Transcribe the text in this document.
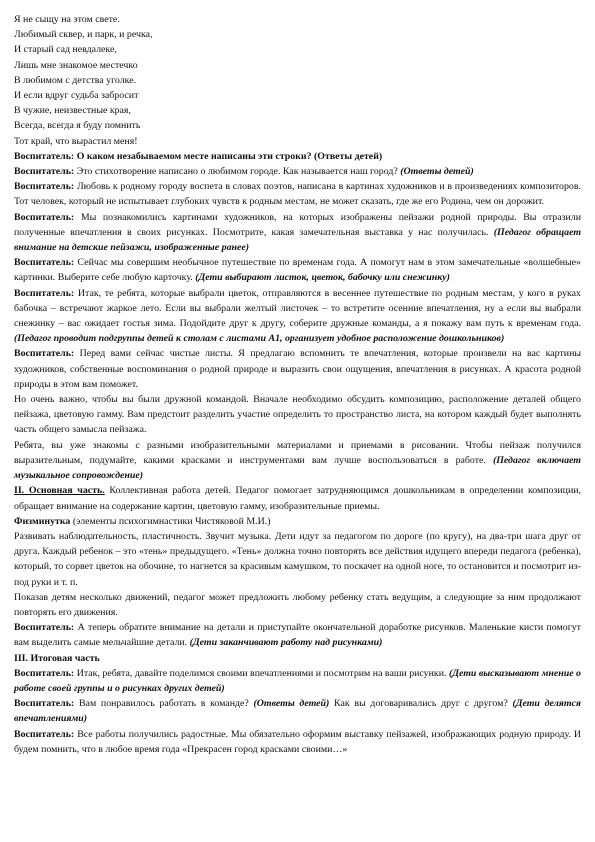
Я не сыщу на этом свете.

Любимый сквер, и парк, и речка,

И старый сад невдалеке,

Лишь мне знакомое местечко

В любимом с детства уголке.

И если вдруг судьба забросит

В чужие, неизвестные края,

Всегда, всегда я буду помнить

Тот край, что вырастил меня!

Воспитатель: О каком незабываемом месте написаны эти строки? (Ответы детей)

Воспитатель: Это стихотворение написано о любимом городе. Как называется наш город? (Ответы детей)

Воспитатель: Любовь к родному городу воспета в словах поэтов, написана в картинах художников и в произведениях композиторов. Тот человек, который не испытывает глубоких чувств к родным местам, не может сказать, где же его Родина, чем он дорожит.

Воспитатель: Мы познакомились картинами художников, на которых изображены пейзажи родной природы. Вы отразили полученные впечатления в своих рисунках. Посмотрите, какая замечательная выставка у нас получилась. (Педагог обращает внимание на детские пейзажи, изображенные ранее)

Воспитатель: Сейчас мы совершим необычное путешествие по временам года. А помогут нам в этом замечательные «волшебные» картинки. Выберите себе любую карточку. (Дети выбирают листок, цветок, бабочку или снежинку)

Воспитатель: Итак, те ребята, которые выбрали цветок, отправляются в весеннее путешествие по родным местам, у кого в руках бабочка – встречают жаркое лето. Если вы выбрали желтый листочек – то встретите осенние впечатления, ну а если вы выбрали снежинку – вас ожидает гостья зима. Подойдите друг к другу, соберите дружные команды, а я покажу вам путь к временам года. (Педагог проводит подгруппы детей к столам с листами А1, организует удобное расположение дошкольников)

Воспитатель: Перед вами сейчас чистые листы. Я предлагаю вспомнить те впечатления, которые произвели на вас картины художников, собственные воспоминания о родной природе и выразить свои ощущения, впечатления в рисунках. А красота родной природы в этом вам поможет.

Но очень важно, чтобы вы были дружной командой. Вначале необходимо обсудить композицию, расположение деталей общего пейзажа, цветовую гамму. Вам предстоит разделить участие определить то пространство листа, на котором каждый будет выполнять часть общего замысла пейзажа.

Ребята, вы уже знакомы с разными изобразительными материалами и приемами в рисовании. Чтобы пейзаж получился выразительным, подумайте, какими красками и инструментами вам лучше воспользоваться в работе. (Педагог включает музыкальное сопровождение)

II. Основная часть. Коллективная работа детей. Педагог помогает затрудняющимся дошкольникам в определении композиции, обращает внимание на содержание картин, цветовую гамму, изобразительные приемы.

Физминутка (элементы психогимнастики Чистяковой М.И.)

Развивать наблюдательность, пластичность. Звучит музыка. Дети идут за педагогом по дороге (по кругу), на два-три шага друг от друга. Каждый ребенок – это «тень» предыдущего. «Тень» должна точно повторять все действия идущего впереди педагога (ребенка), который, то сорвет цветок на обочине, то нагнется за красивым камушком, то поскачет на одной ноге, то остановится и посмотрит из-под руки и т. п.

Показав детям несколько движений, педагог может предложить любому ребенку стать ведущим, а следующие за ним продолжают повторять его движения.

Воспитатель: А теперь обратите внимание на детали и приступайте окончательной доработке рисунков. Маленькие кисти помогут вам выделить самые мельчайшие детали. (Дети заканчивают работу над рисунками)

III. Итоговая часть

Воспитатель: Итак, ребята, давайте поделимся своими впечатлениями и посмотрим на ваши рисунки. (Дети высказывают мнение о работе своей группы и о рисунках других детей)

Воспитатель: Вам понравилось работать в команде? (Ответы детей) Как вы договаривались друг с другом? (Дети делятся впечатлениями)

Воспитатель: Все работы получились радостные. Мы обязательно оформим выставку пейзажей, изображающих родную природу. И будем помнить, что в любое время года «Прекрасен город красками своими…»
